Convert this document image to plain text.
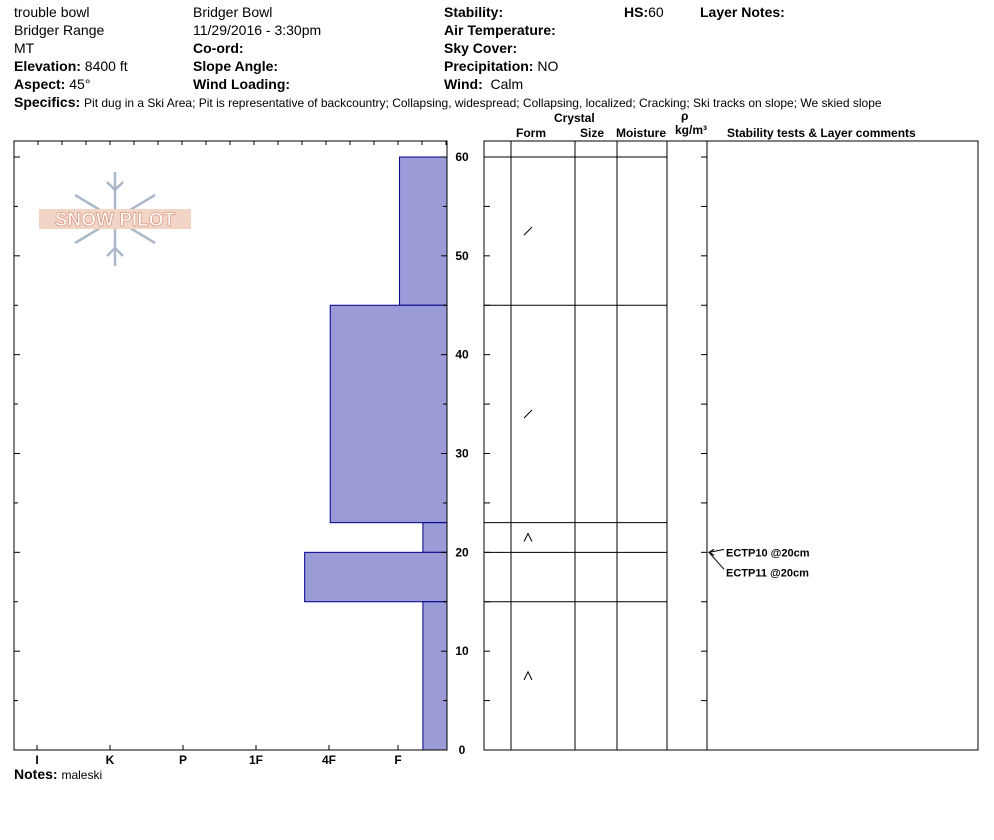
trouble bowl
Bridger Range
MT
Elevation: 8400 ft
Aspect: 45°
Bridger Bowl
11/29/2016 - 3:30pm
Co-ord:
Slope Angle:
Wind Loading:
Stability:
Air Temperature:
Sky Cover:
Precipitation: NO
Wind: Calm
HS:60	Layer Notes:
Specifics: Pit dug in a Ski Area; Pit is representative of backcountry; Collapsing, widespread; Collapsing, localized; Cracking; Ski tracks on slope; We skied slope
Crystal
Form	Size Moisture
ρ
kg/m³ Stability tests & Layer comments
Notes: maleski
SNOW PILOT
0
10
20
30
40
50
60
I	K	P	1F	4F	F
ECTP10 @20cm
ECTP11 @20cm
